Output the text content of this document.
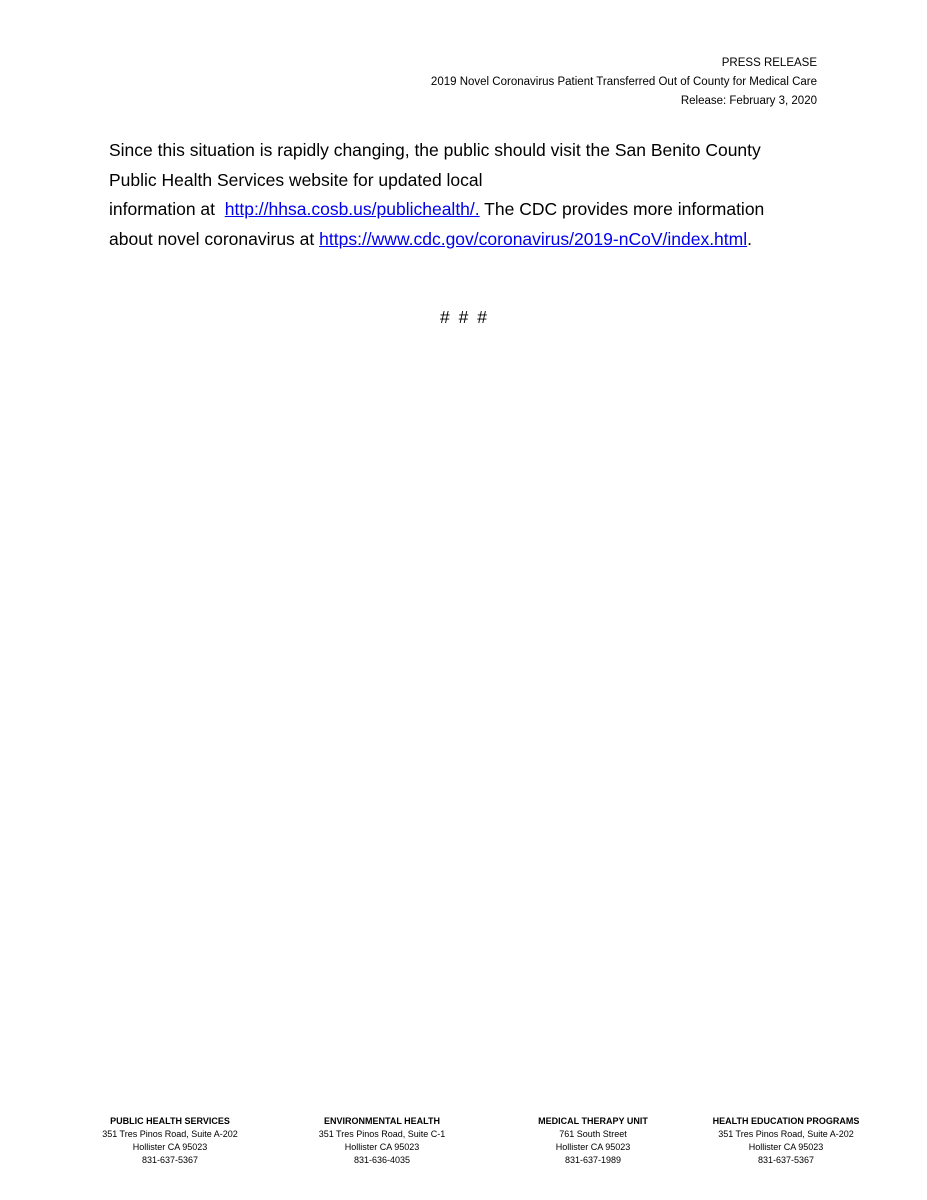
PRESS RELEASE
2019 Novel Coronavirus Patient Transferred Out of County for Medical Care
Release: February 3, 2020

Since this situation is rapidly changing, the public should visit the San Benito County

Public Health Services website for updated local

information at  http://hhsa.cosb.us/publichealth/. The CDC provides more information

about novel coronavirus at https://www.cdc.gov/coronavirus/2019-nCoV/index.html.

# # #
PUBLIC HEALTH SERVICES
351 Tres Pinos Road, Suite A-202
Hollister CA 95023
831-637-5367
ENVIRONMENTAL HEALTH
351 Tres Pinos Road, Suite C-1
Hollister CA 95023
831-636-4035
MEDICAL THERAPY UNIT
761 South Street
Hollister CA 95023
831-637-1989
HEALTH EDUCATION PROGRAMS
351 Tres Pinos Road, Suite A-202
Hollister CA 95023
831-637-5367
